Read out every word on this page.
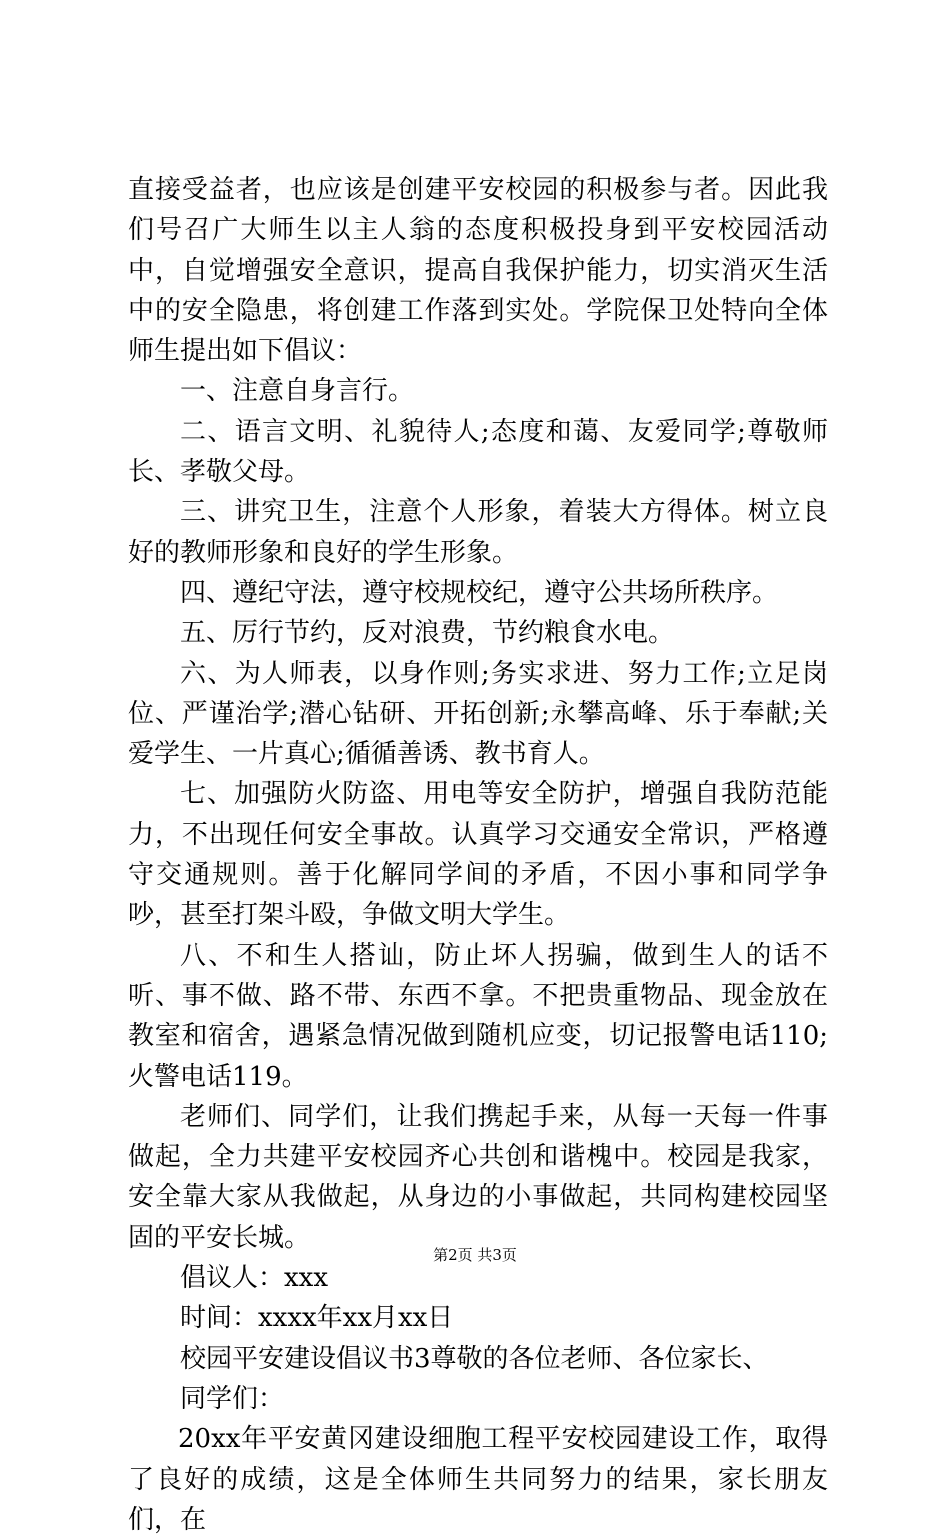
直接受益者，也应该是创建平安校园的积极参与者。因此我们号召广大师生以主人翁的态度积极投身到平安校园活动中，自觉增强安全意识，提高自我保护能力，切实消灭生活中的安全隐患，将创建工作落到实处。学院保卫处特向全体师生提出如下倡议：

一、注意自身言行。

二、语言文明、礼貌待人;态度和蔼、友爱同学;尊敬师长、孝敬父母。

三、讲究卫生，注意个人形象，着装大方得体。树立良好的教师形象和良好的学生形象。

四、遵纪守法，遵守校规校纪，遵守公共场所秩序。

五、厉行节约，反对浪费，节约粮食水电。

六、为人师表，以身作则;务实求进、努力工作;立足岗位、严谨治学;潜心钻研、开拓创新;永攀高峰、乐于奉献;关爱学生、一片真心;循循善诱、教书育人。

七、加强防火防盗、用电等安全防护，增强自我防范能力，不出现任何安全事故。认真学习交通安全常识，严格遵守交通规则。善于化解同学间的矛盾，不因小事和同学争吵，甚至打架斗殴，争做文明大学生。

八、不和生人搭讪，防止坏人拐骗，做到生人的话不听、事不做、路不带、东西不拿。不把贵重物品、现金放在教室和宿舍，遇紧急情况做到随机应变，切记报警电话110;火警电话119。

老师们、同学们，让我们携起手来，从每一天每一件事做起，全力共建平安校园齐心共创和谐槐中。校园是我家，安全靠大家从我做起，从身边的小事做起，共同构建校园坚固的平安长城。

倡议人：xxx

时间：xxxx年xx月xx日

校园平安建设倡议书3尊敬的各位老师、各位家长、

同学们：

20xx年平安黄冈建设细胞工程平安校园建设工作，取得了良好的成绩，这是全体师生共同努力的结果，家长朋友们，在

第2页 共3页
